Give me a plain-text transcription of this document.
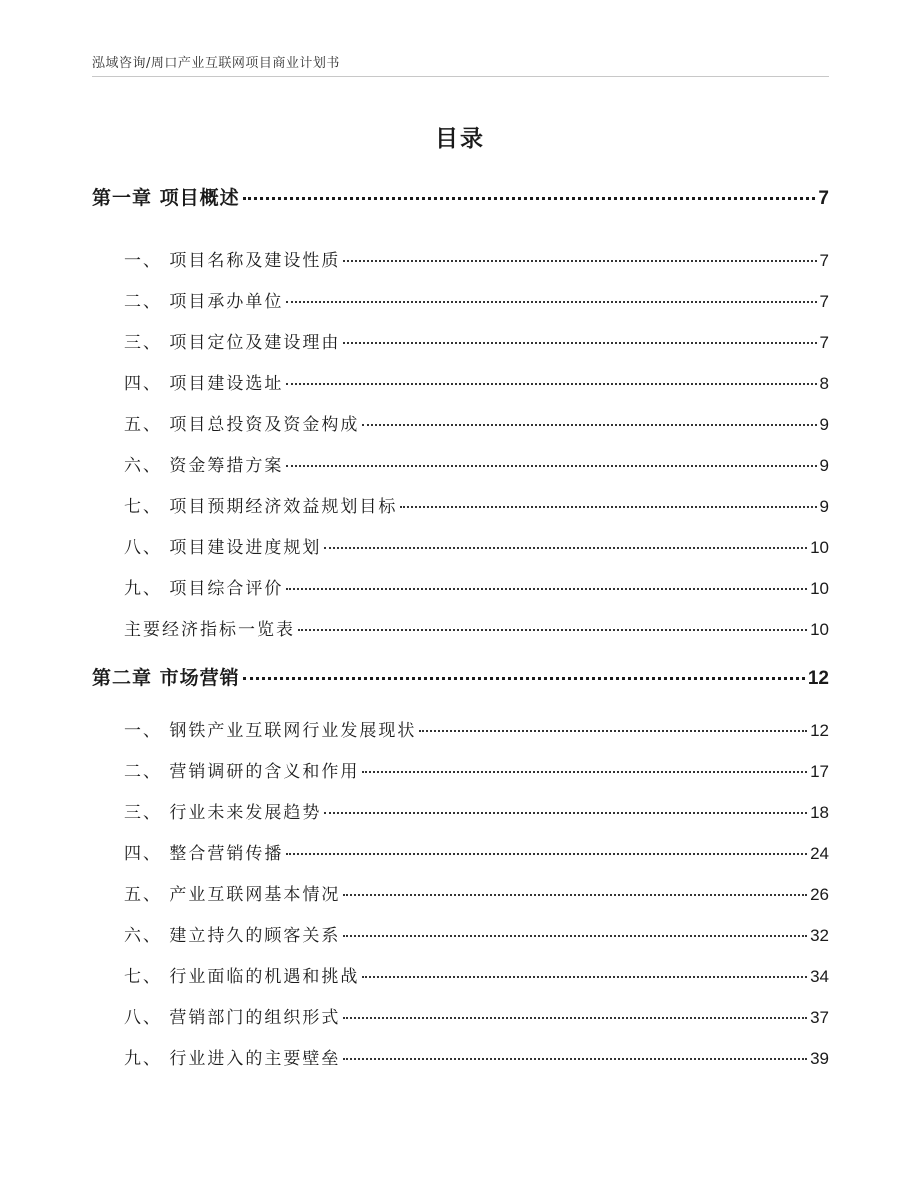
泓域咨询/周口产业互联网项目商业计划书
目录
第一章 项目概述	7
一、 项目名称及建设性质	7
二、 项目承办单位	7
三、 项目定位及建设理由	7
四、 项目建设选址	8
五、 项目总投资及资金构成	9
六、 资金筹措方案	9
七、 项目预期经济效益规划目标	9
八、 项目建设进度规划	10
九、 项目综合评价	10
主要经济指标一览表	10
第二章 市场营销	12
一、 钢铁产业互联网行业发展现状	12
二、 营销调研的含义和作用	17
三、 行业未来发展趋势	18
四、 整合营销传播	24
五、 产业互联网基本情况	26
六、 建立持久的顾客关系	32
七、 行业面临的机遇和挑战	34
八、 营销部门的组织形式	37
九、 行业进入的主要壁垒	39
